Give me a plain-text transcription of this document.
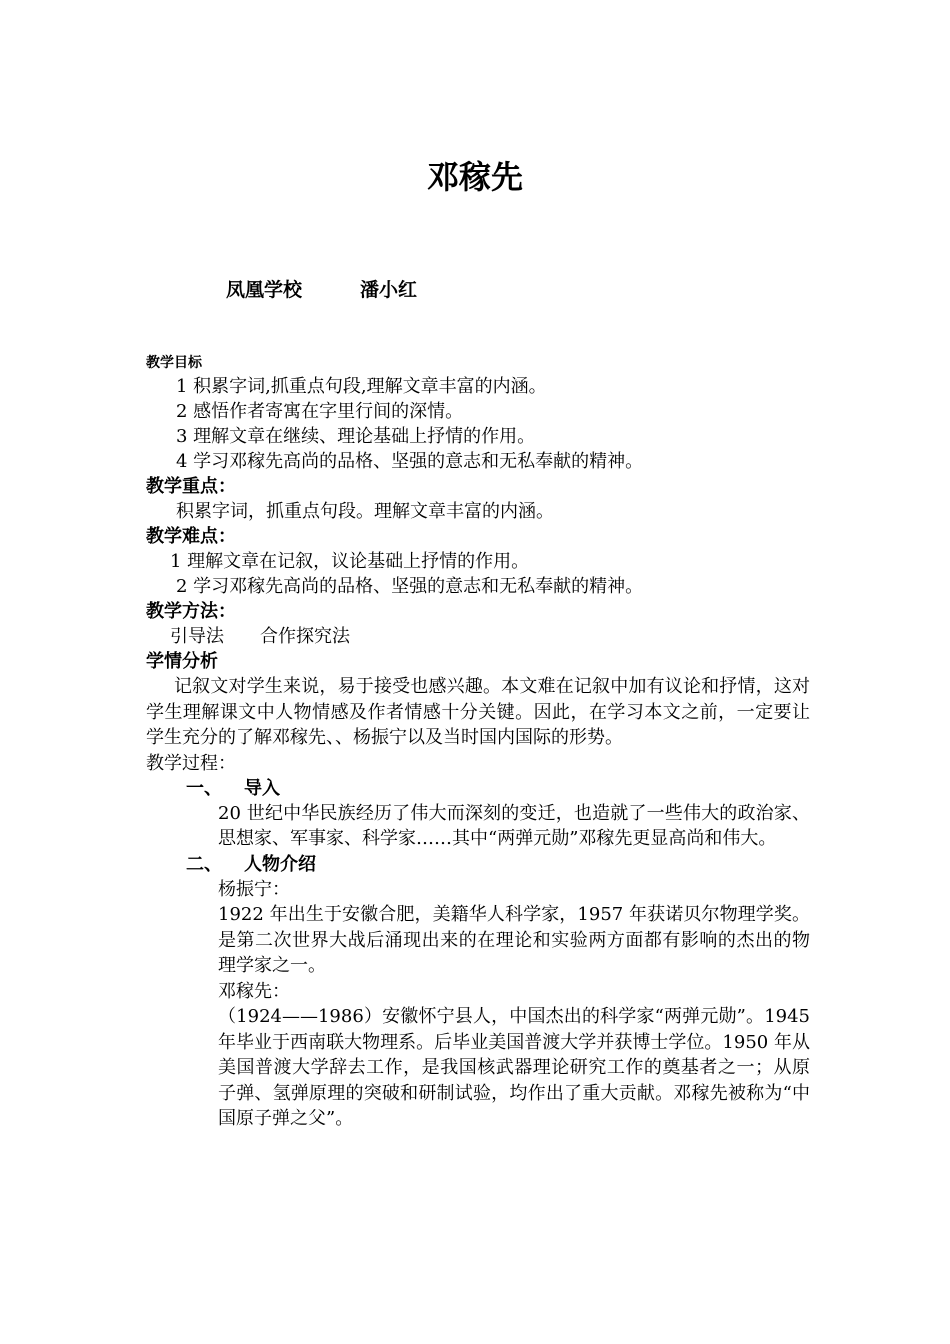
邓稼先
凤凰学校	潘小红

教学目标

1 积累字词,抓重点句段,理解文章丰富的内涵。

2 感悟作者寄寓在字里行间的深情。

3 理解文章在继续、理论基础上抒情的作用。

4 学习邓稼先高尚的品格、坚强的意志和无私奉献的精神。

教学重点：

积累字词，抓重点句段。理解文章丰富的内涵。

教学难点：

1 理解文章在记叙，议论基础上抒情的作用。

2 学习邓稼先高尚的品格、坚强的意志和无私奉献的精神。

教学方法：

引导法　　合作探究法

学情分析

记叙文对学生来说，易于接受也感兴趣。本文难在记叙中加有议论和抒情，这对学生理解课文中人物情感及作者情感十分关键。因此，在学习本文之前，一定要让学生充分的了解邓稼先、、杨振宁以及当时国内国际的形势。

教学过程：

一、 导入

20 世纪中华民族经历了伟大而深刻的变迁，也造就了一些伟大的政治家、思想家、军事家、科学家……其中“两弹元勋”邓稼先更显高尚和伟大。

二、 人物介绍

杨振宁：

1922 年出生于安徽合肥，美籍华人科学家，1957 年获诺贝尔物理学奖。是第二次世界大战后涌现出来的在理论和实验两方面都有影响的杰出的物理学家之一。

邓稼先：

（1924——1986）安徽怀宁县人，中国杰出的科学家“两弹元勋”。1945 年毕业于西南联大物理系。后毕业美国普渡大学并获博士学位。1950 年从美国普渡大学辞去工作，是我国核武器理论研究工作的奠基者之一；从原子弹、氢弹原理的突破和研制试验，均作出了重大贡献。邓稼先被称为“中国原子弹之父”。
